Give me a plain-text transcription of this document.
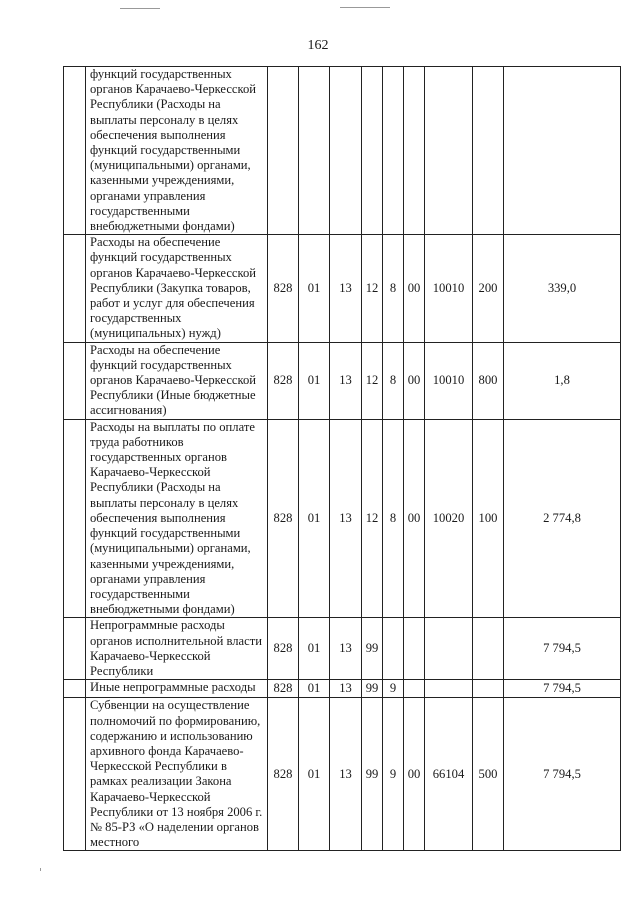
162
	функций государственных органов Карачаево-Черкесской Республики (Расходы на выплаты персоналу в целях обеспечения выполнения функций государственными (муниципальными) органами, казенными учреждениями, органами управления государственными внебюджетными фондами)									
	Расходы на обеспечение функций государственных органов Карачаево-Черкесской Республики (Закупка товаров, работ и услуг для обеспечения государственных (муниципальных) нужд)	828	01	13	12	8	00	10010	200	339,0
	Расходы на обеспечение функций государственных органов Карачаево-Черкесской Республики (Иные бюджетные ассигнования)	828	01	13	12	8	00	10010	800	1,8
	Расходы на выплаты по оплате труда работников государственных органов Карачаево-Черкесской Республики (Расходы на выплаты персоналу в целях обеспечения выполнения функций государственными (муниципальными) органами, казенными учреждениями, органами управления государственными внебюджетными фондами)	828	01	13	12	8	00	10020	100	2 774,8
	Непрограммные расходы органов исполнительной власти Карачаево-Черкесской Республики	828	01	13	99					7 794,5
	Иные непрограммные расходы	828	01	13	99	9				7 794,5
	Субвенции на осуществление полномочий по формированию, содержанию и использованию архивного фонда Карачаево-Черкесской Республики в рамках реализации Закона Карачаево-Черкесской Республики от 13 ноября 2006 г. № 85-РЗ «О наделении органов местного	828	01	13	99	9	00	66104	500	7 794,5
